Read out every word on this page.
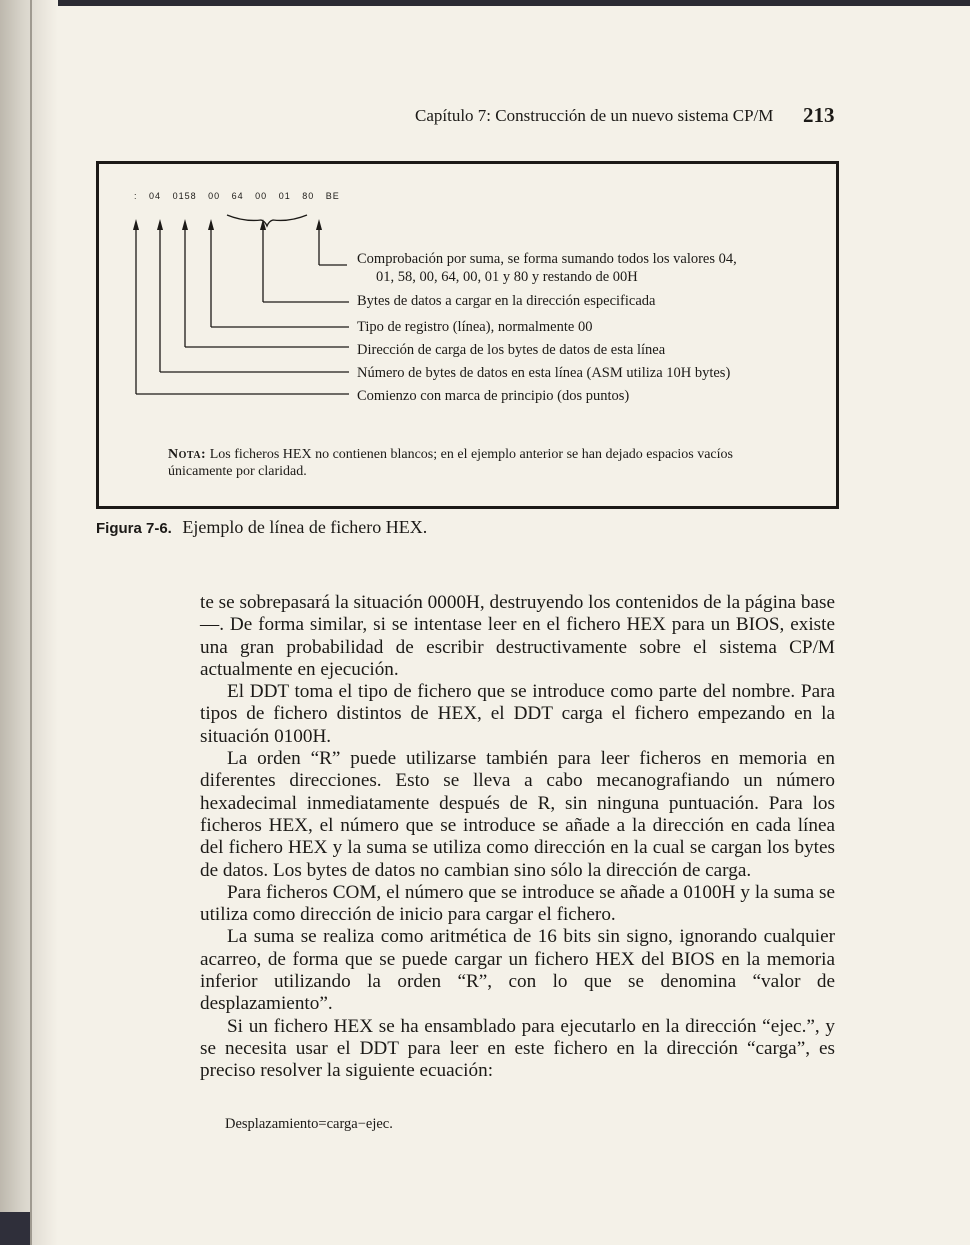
Capítulo 7: Construcción de un nuevo sistema CP/M 213
: 04 0158 00 64 00 01 80 BE
Comprobación por suma, se forma sumando todos los valores 04,
01, 58, 00, 64, 00, 01 y 80 y restando de 00H
Bytes de datos a cargar en la dirección especificada
Tipo de registro (línea), normalmente 00
Dirección de carga de los bytes de datos de esta línea
Número de bytes de datos en esta línea (ASM utiliza 10H bytes)
Comienzo con marca de principio (dos puntos)
Nota: Los ficheros HEX no contienen blancos; en el ejemplo anterior se han dejado espacios vacíos únicamente por claridad.
Figura 7-6. Ejemplo de línea de fichero HEX.

te se sobrepasará la situación 0000H, destruyendo los contenidos de la página base—. De forma similar, si se intentase leer en el fichero HEX para un BIOS, existe una gran probabilidad de escribir destructivamente sobre el sistema CP/M actualmente en ejecución.

El DDT toma el tipo de fichero que se introduce como parte del nombre. Para tipos de fichero distintos de HEX, el DDT carga el fichero empezando en la situación 0100H.

La orden “R” puede utilizarse también para leer ficheros en memoria en diferentes direcciones. Esto se lleva a cabo mecanografiando un número hexadecimal inmediatamente después de R, sin ninguna puntuación. Para los ficheros HEX, el número que se introduce se añade a la dirección en cada línea del fichero HEX y la suma se utiliza como dirección en la cual se cargan los bytes de datos. Los bytes de datos no cambian sino sólo la dirección de carga.

Para ficheros COM, el número que se introduce se añade a 0100H y la suma se utiliza como dirección de inicio para cargar el fichero.

La suma se realiza como aritmética de 16 bits sin signo, ignorando cualquier acarreo, de forma que se puede cargar un fichero HEX del BIOS en la memoria inferior utilizando la orden “R”, con lo que se denomina “valor de desplazamiento”.

Si un fichero HEX se ha ensamblado para ejecutarlo en la dirección “ejec.”, y se necesita usar el DDT para leer en este fichero en la dirección “carga”, es preciso resolver la siguiente ecuación:

Desplazamiento=carga−ejec.
